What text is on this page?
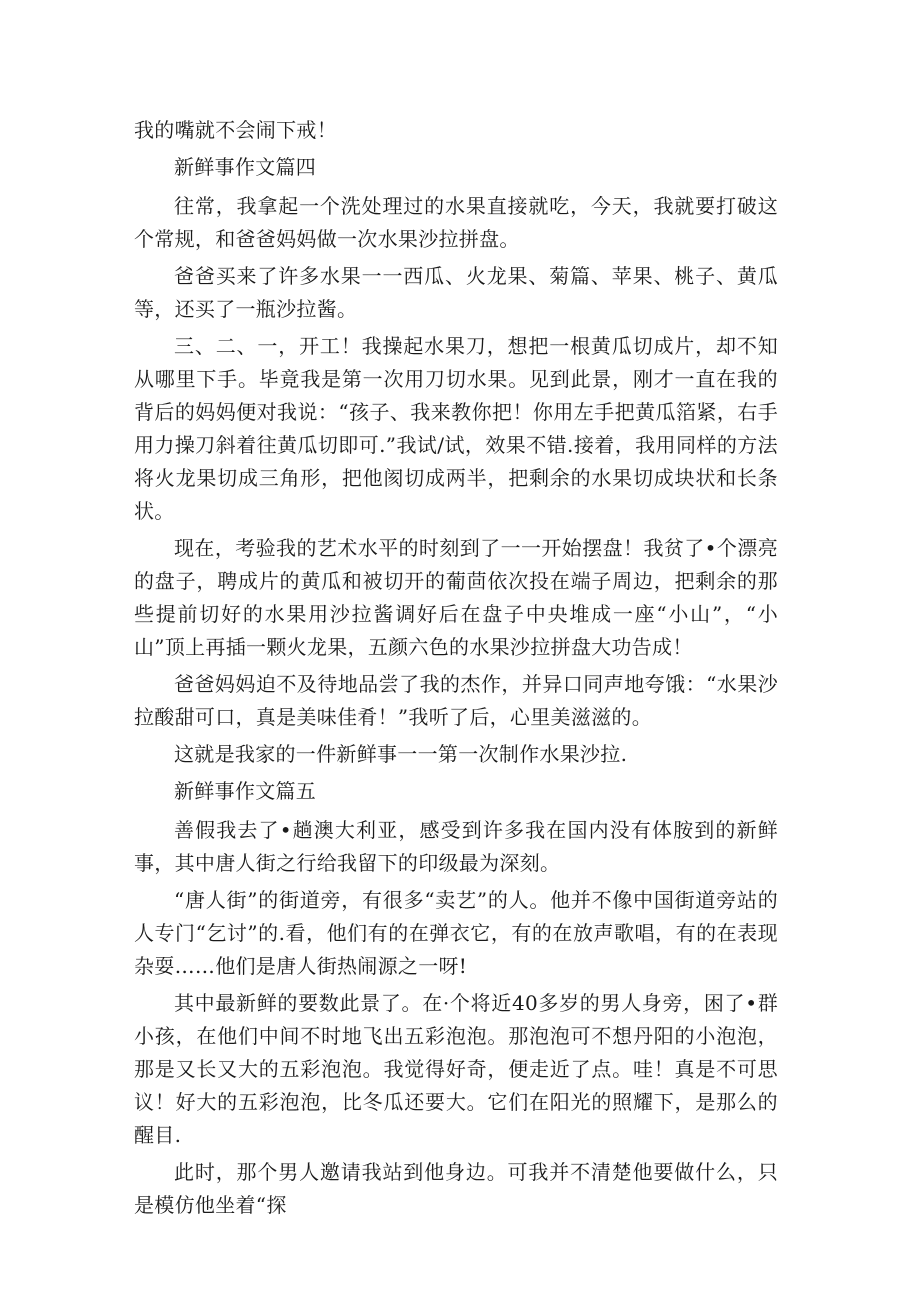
我的嘴就不会闹下戒！

新鲜事作文篇四

往常，我拿起一个洗处理过的水果直接就吃，今天，我就要打破这个常规，和爸爸妈妈做一次水果沙拉拼盘。

爸爸买来了许多水果一一西瓜、火龙果、菊篇、苹果、桃子、黄瓜等，还买了一瓶沙拉酱。

三、二、一，开工！我操起水果刀，想把一根黄瓜切成片，却不知从哪里下手。毕竟我是第一次用刀切水果。见到此景，刚才一直在我的背后的妈妈便对我说：“孩子、我来教你把！你用左手把黄瓜箔紧，右手用力操刀斜着往黄瓜切即可.”我试/试，效果不错.接着，我用同样的方法将火龙果切成三角形，把他阂切成两半，把剩余的水果切成块状和长条状。

现在，考验我的艺术水平的时刻到了一一开始摆盘！我贫了•个漂亮的盘子，聘成片的黄瓜和被切开的葡茴依次投在端子周边，把剩余的那些提前切好的水果用沙拉酱调好后在盘子中央堆成一座“小山”，“小山”顶上再插一颗火龙果，五颜六色的水果沙拉拼盘大功告成！

爸爸妈妈迫不及待地品尝了我的杰作，并异口同声地夸饿：“水果沙拉酸甜可口，真是美味佳肴！”我听了后，心里美滋滋的。

这就是我家的一件新鲜事一一第一次制作水果沙拉.

新鲜事作文篇五

善假我去了•趟澳大利亚，感受到许多我在国内没有体胺到的新鲜事，其中唐人街之行给我留下的印级最为深刻。

“唐人街”的街道旁，有很多“卖艺”的人。他并不像中国街道旁站的人专门“乞讨”的.看，他们有的在弹衣它，有的在放声歌唱，有的在表现杂耍……他们是唐人街热闹源之一呀!

其中最新鲜的要数此景了。在·个将近40多岁的男人身旁，困了•群小孩，在他们中间不时地飞出五彩泡泡。那泡泡可不想丹阳的小泡泡，那是又长又大的五彩泡泡。我觉得好奇，便走近了点。哇！真是不可思议！好大的五彩泡泡，比冬瓜还要大。它们在阳光的照耀下，是那么的醒目.

此时，那个男人邀请我站到他身边。可我并不清楚他要做什么，只是模仿他坐着“探
